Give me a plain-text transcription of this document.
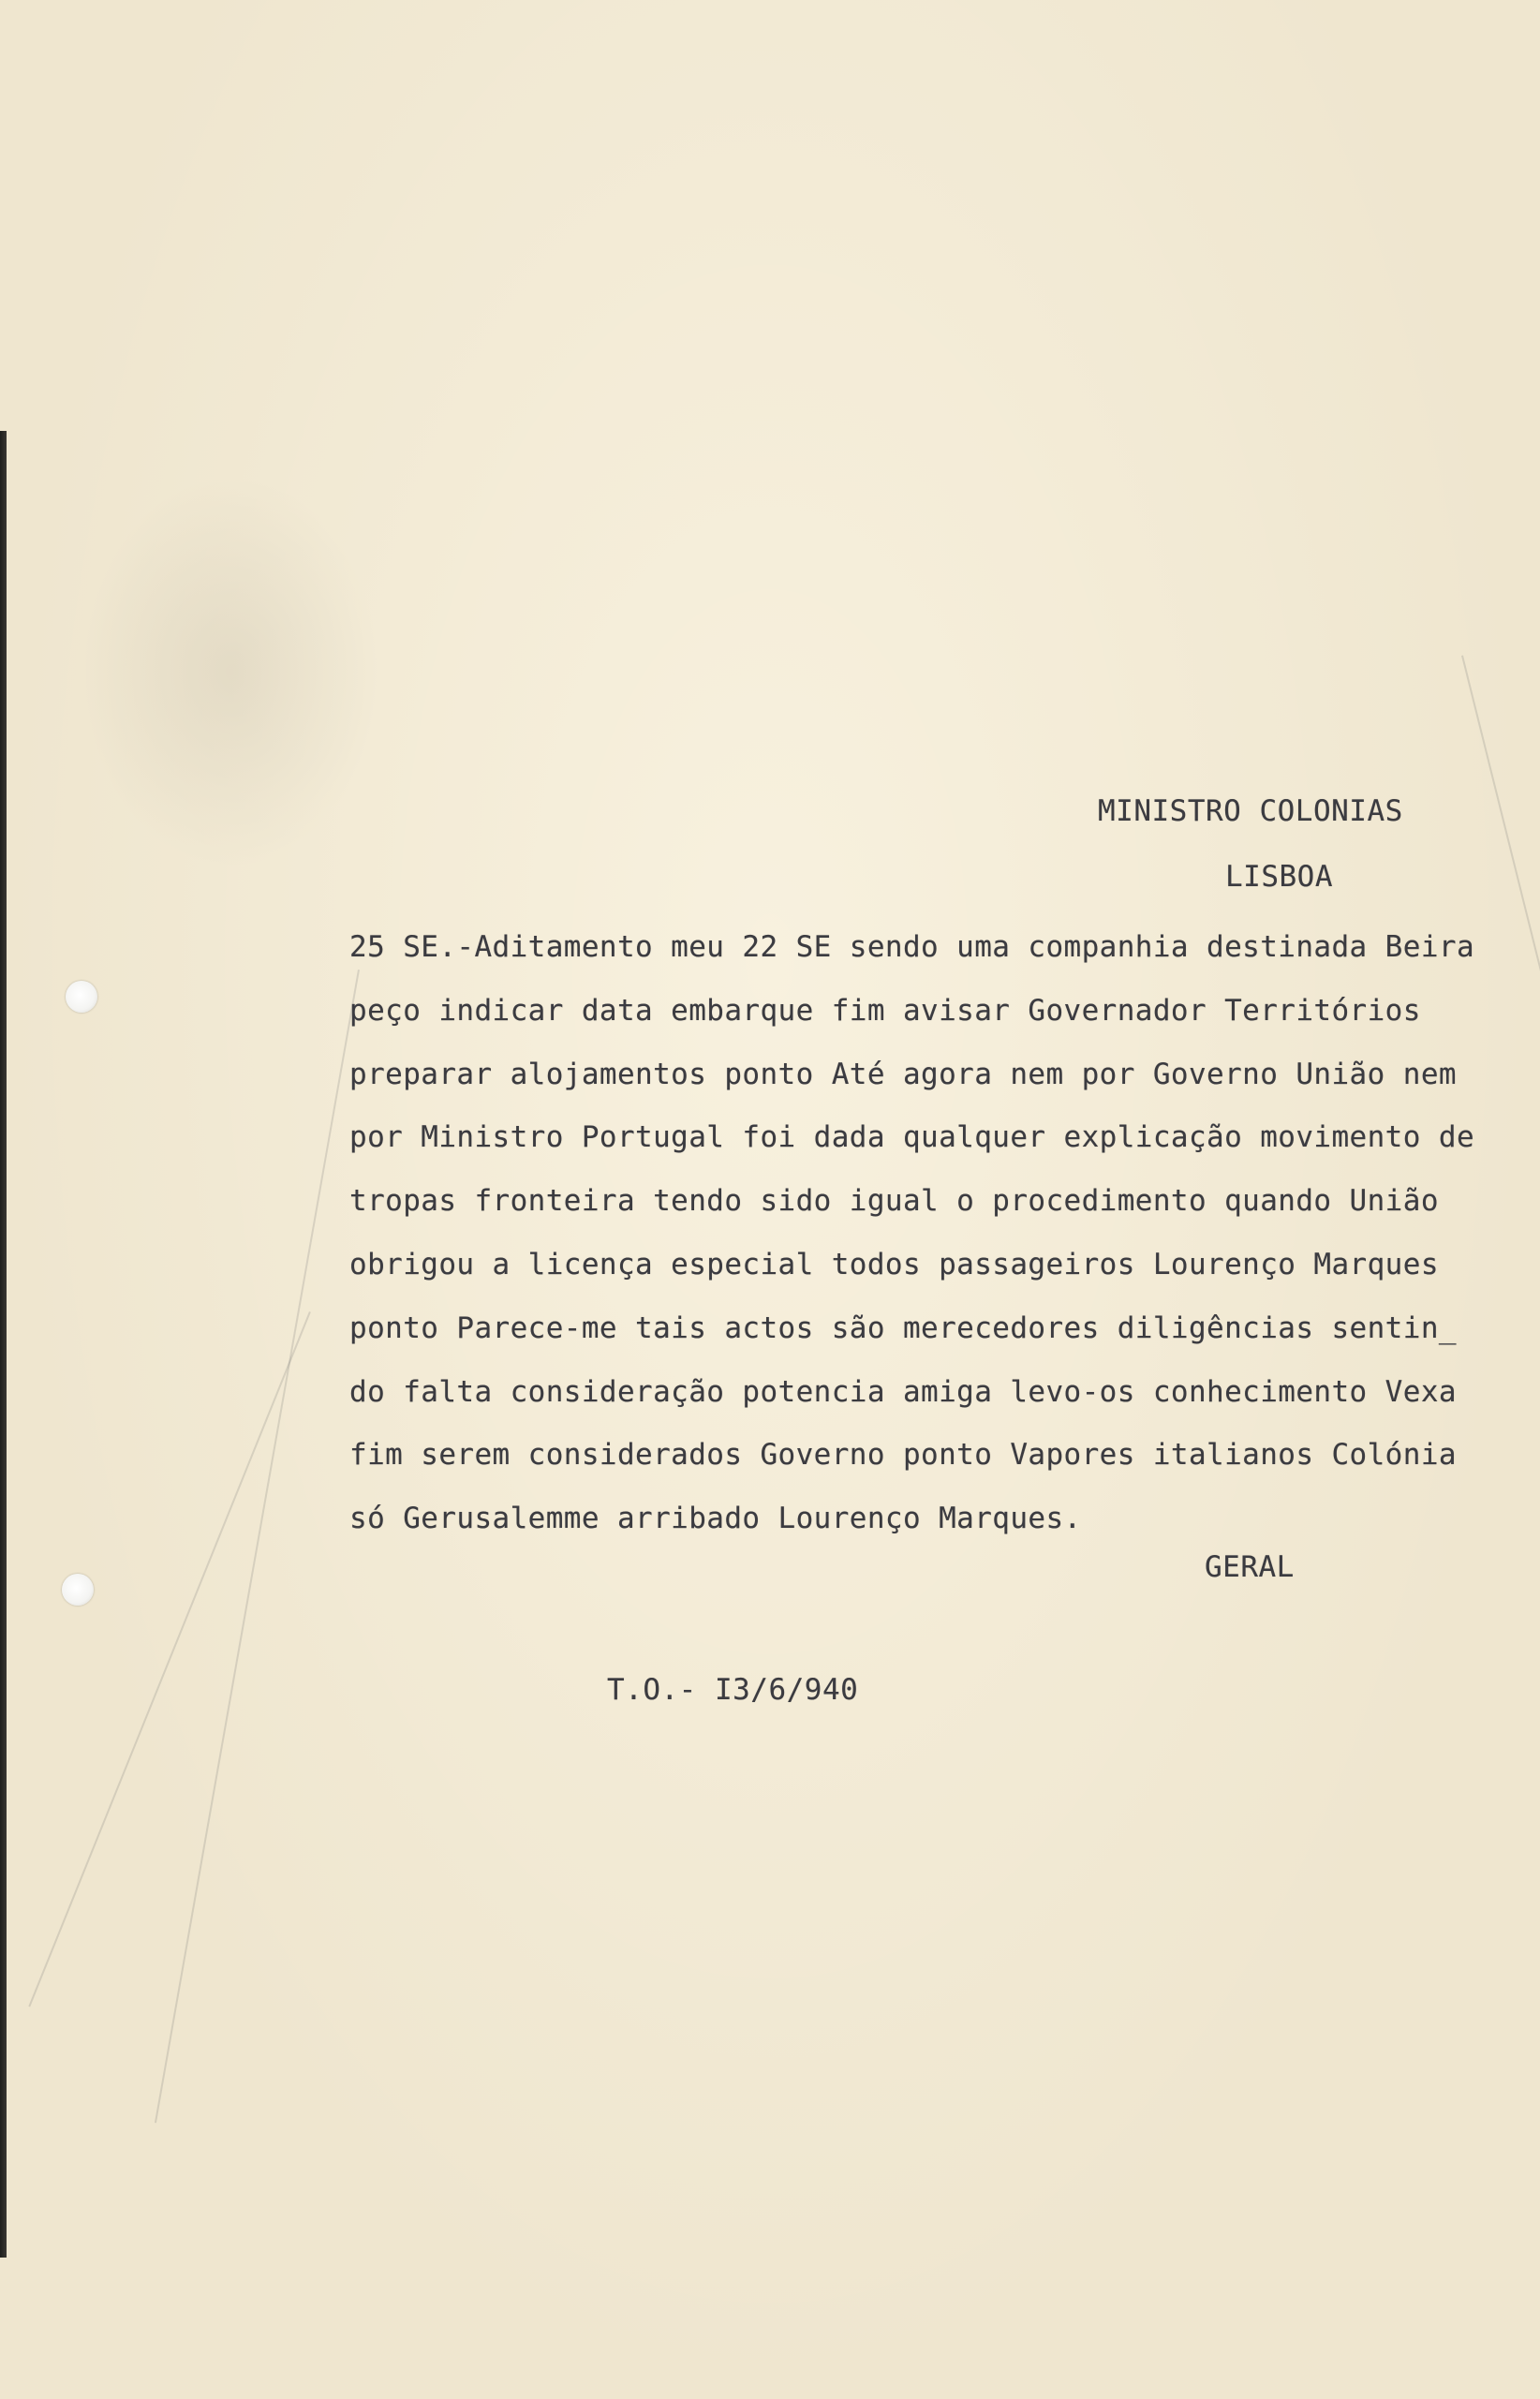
MINISTRO COLONIAS
LISBOA
25 SE.-Aditamento meu 22 SE sendo uma companhia destinada Beira
peço indicar data embarque fim avisar Governador Territórios
preparar alojamentos ponto Até agora nem por Governo União nem
por Ministro Portugal foi dada qualquer explicação movimento de
tropas fronteira tendo sido igual o procedimento quando União
obrigou a licença especial todos passageiros Lourenço Marques
ponto Parece-me tais actos são merecedores diligências sentin_
do falta consideração potencia amiga levo-os conhecimento Vexa
fim serem considerados Governo ponto Vapores italianos Colónia
só Gerusalemme arribado Lourenço Marques.
GERAL
T.O.- I3/6/940
